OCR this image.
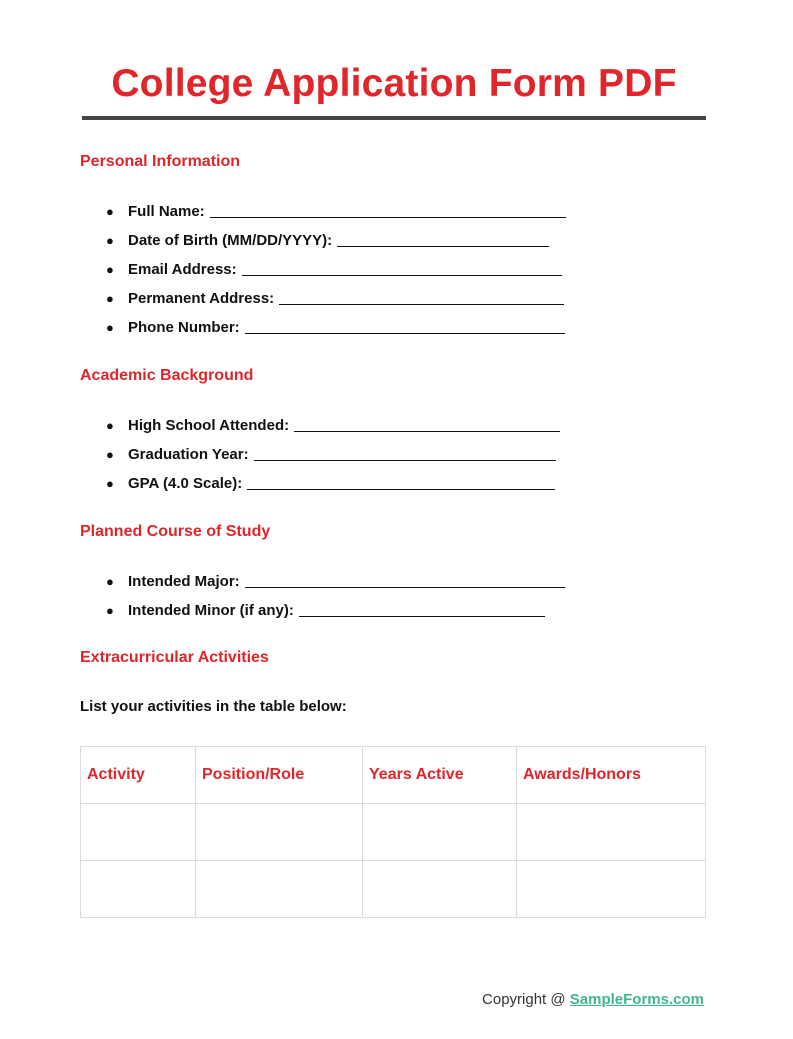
College Application Form PDF
Personal Information
● Full Name:
● Date of Birth (MM/DD/YYYY):
● Email Address:
● Permanent Address:
● Phone Number:
Academic Background
● High School Attended:
● Graduation Year:
● GPA (4.0 Scale):
Planned Course of Study
● Intended Major:
● Intended Minor (if any):
Extracurricular Activities

List your activities in the table below:

Activity	Position/Role	Years Active	Awards/Honors

Copyright @ SampleForms.com
